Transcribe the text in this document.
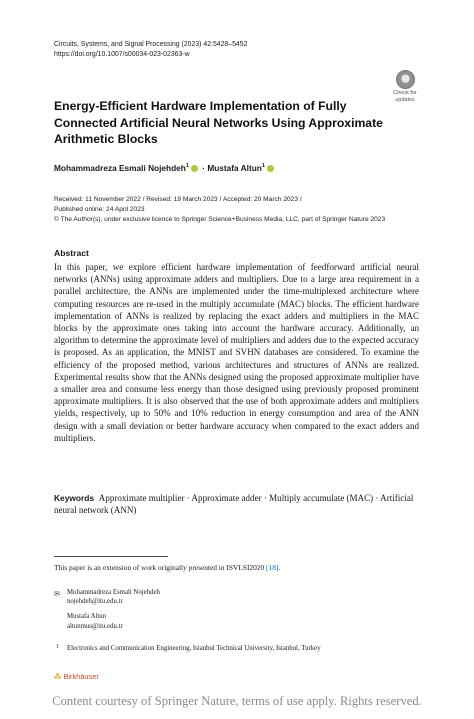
Circuits, Systems, and Signal Processing (2023) 42:5428–5452
https://doi.org/10.1007/s00034-023-02363-w
Check for
updates
Energy-Efficient Hardware Implementation of Fully Connected Artificial Neural Networks Using Approximate Arithmetic Blocks
Mohammadreza Esmali Nojehdeh$^1$ · Mustafa Altun$^1$
Received: 11 November 2022 / Revised: 19 March 2023 / Accepted: 20 March 2023 /
Published online: 24 April 2023
© The Author(s), under exclusive licence to Springer Science+Business Media, LLC, part of Springer Nature 2023
Abstract
In this paper, we explore efficient hardware implementation of feedforward artificial neural networks (ANNs) using approximate adders and multipliers. Due to a large area requirement in a parallel architecture, the ANNs are implemented under the time-multiplexed architecture where computing resources are re-used in the multiply accumulate (MAC) blocks. The efficient hardware implementation of ANNs is realized by replacing the exact adders and multipliers in the MAC blocks by the approximate ones taking into account the hardware accuracy. Additionally, an algorithm to determine the approximate level of multipliers and adders due to the expected accuracy is proposed. As an application, the MNIST and SVHN databases are considered. To examine the efficiency of the proposed method, various architectures and structures of ANNs are realized. Experimental results show that the ANNs designed using the proposed approximate multiplier have a smaller area and consume less energy than those designed using previously proposed prominent approximate multipliers. It is also observed that the use of both approximate adders and multipliers yields, respectively, up to 50% and 10% reduction in energy consumption and area of the ANN design with a small deviation or better hardware accuracy when compared to the exact adders and multipliers.
Keywords Approximate multiplier · Approximate adder · Multiply accumulate (MAC) · Artificial neural network (ANN)
This paper is an extension of work originally presented in ISVLSI2020 [18].
✉ Mohammadreza Esmali Nojehdeh
nojehdeh@itu.edu.tr
Mustafa Altun
altunmus@itu.edu.tr
1 Electronics and Communication Engineering, Istanbul Technical University, Istanbul, Turkey
⁂ Birkhäuser
Content courtesy of Springer Nature, terms of use apply. Rights reserved.
